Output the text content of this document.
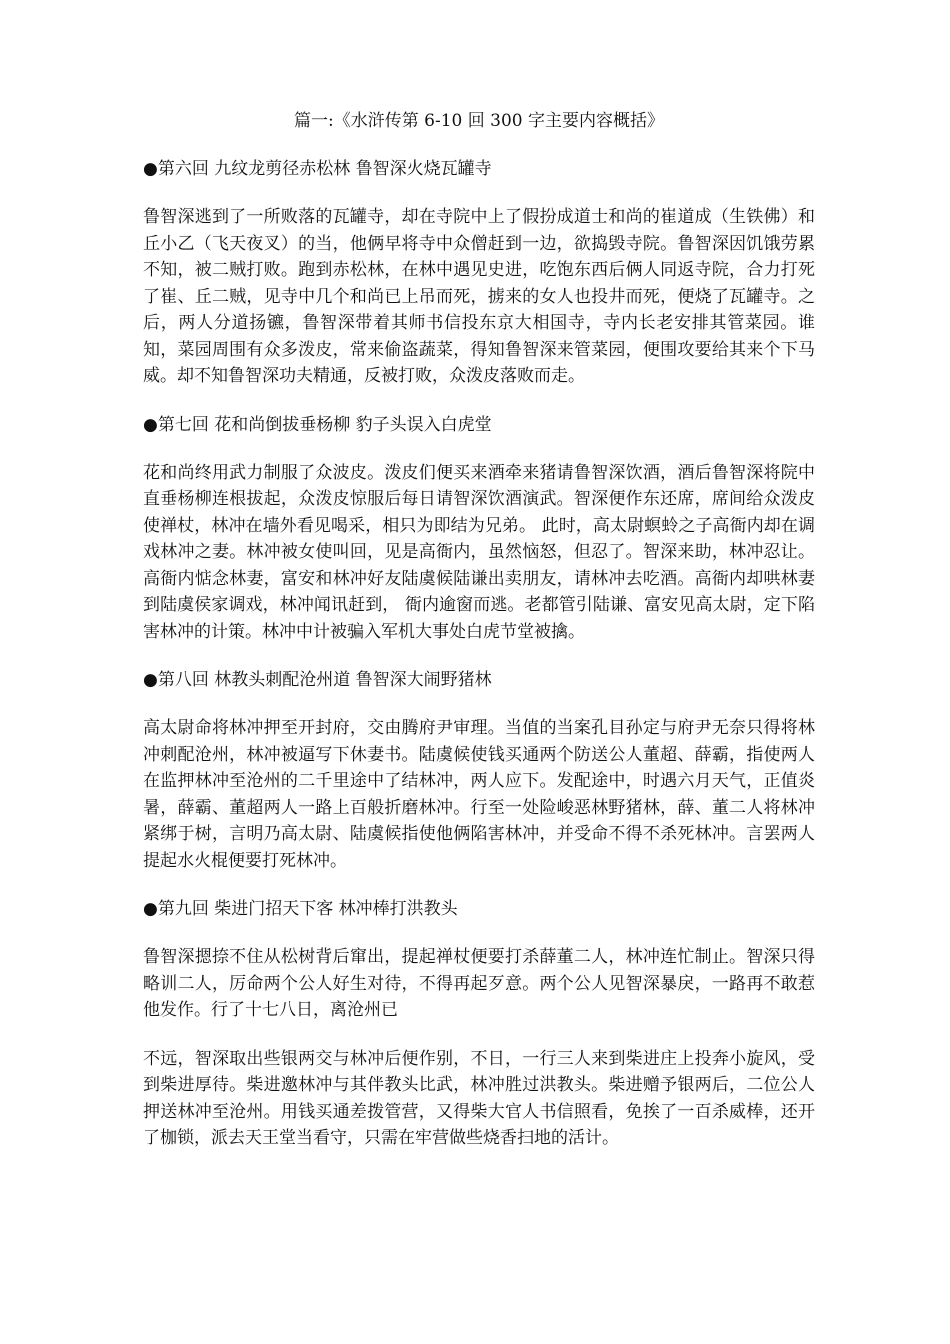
篇一:《水浒传第 6-10 回 300 字主要内容概括》
●第六回 九纹龙剪径赤松林 鲁智深火烧瓦罐寺
鲁智深逃到了一所败落的瓦罐寺，却在寺院中上了假扮成道士和尚的崔道成（生铁佛）和丘小乙（飞天夜叉）的当，他俩早将寺中众僧赶到一边，欲捣毁寺院。鲁智深因饥饿劳累不知，被二贼打败。跑到赤松林，在林中遇见史进，吃饱东西后俩人同返寺院，合力打死了崔、丘二贼，见寺中几个和尚已上吊而死，掳来的女人也投井而死，便烧了瓦罐寺。之后，两人分道扬镳，鲁智深带着其师书信投东京大相国寺，寺内长老安排其管菜园。谁知，菜园周围有众多泼皮，常来偷盗蔬菜，得知鲁智深来管菜园，便围攻要给其来个下马威。却不知鲁智深功夫精通，反被打败，众泼皮落败而走。
●第七回 花和尚倒拔垂杨柳 豹子头误入白虎堂
花和尚终用武力制服了众波皮。泼皮们便买来酒牵来猪请鲁智深饮酒，酒后鲁智深将院中直垂杨柳连根拔起，众泼皮惊服后每日请智深饮酒演武。智深便作东还席，席间给众泼皮使禅杖，林冲在墙外看见喝采，相只为即结为兄弟。 此时，高太尉螟蛉之子高衙内却在调戏林冲之妻。林冲被女使叫回，见是高衙内，虽然恼怒，但忍了。智深来助，林冲忍让。高衙内惦念林妻，富安和林冲好友陆虞候陆谦出卖朋友，请林冲去吃酒。高衙内却哄林妻到陆虞侯家调戏，林冲闻讯赶到， 衙内逾窗而逃。老都管引陆谦、富安见高太尉，定下陷害林冲的计策。林冲中计被骗入军机大事处白虎节堂被擒。
●第八回 林教头刺配沧州道 鲁智深大闹野猪林
高太尉命将林冲押至开封府，交由腾府尹审理。当值的当案孔目孙定与府尹无奈只得将林冲刺配沧州，林冲被逼写下休妻书。陆虞候使钱买通两个防送公人董超、薛霸，指使两人在监押林冲至沧州的二千里途中了结林冲，两人应下。发配途中，时遇六月天气，正值炎暑，薛霸、董超两人一路上百般折磨林冲。行至一处险峻恶林野猪林，薛、董二人将林冲紧绑于树，言明乃高太尉、陆虞候指使他俩陷害林冲，并受命不得不杀死林冲。言罢两人提起水火棍便要打死林冲。
●第九回 柴进门招天下客 林冲棒打洪教头
鲁智深摁捺不住从松树背后窜出，提起禅杖便要打杀薛董二人，林冲连忙制止。智深只得略训二人，厉命两个公人好生对待，不得再起歹意。两个公人见智深暴戾，一路再不敢惹他发作。行了十七八日，离沧州已
不远，智深取出些银两交与林冲后便作别，不日，一行三人来到柴进庄上投奔小旋风，受到柴进厚待。柴进邀林冲与其伴教头比武，林冲胜过洪教头。柴进赠予银两后，二位公人押送林冲至沧州。用钱买通差拨管营，又得柴大官人书信照看，免挨了一百杀威棒，还开了枷锁，派去天王堂当看守，只需在牢营做些烧香扫地的活计。
